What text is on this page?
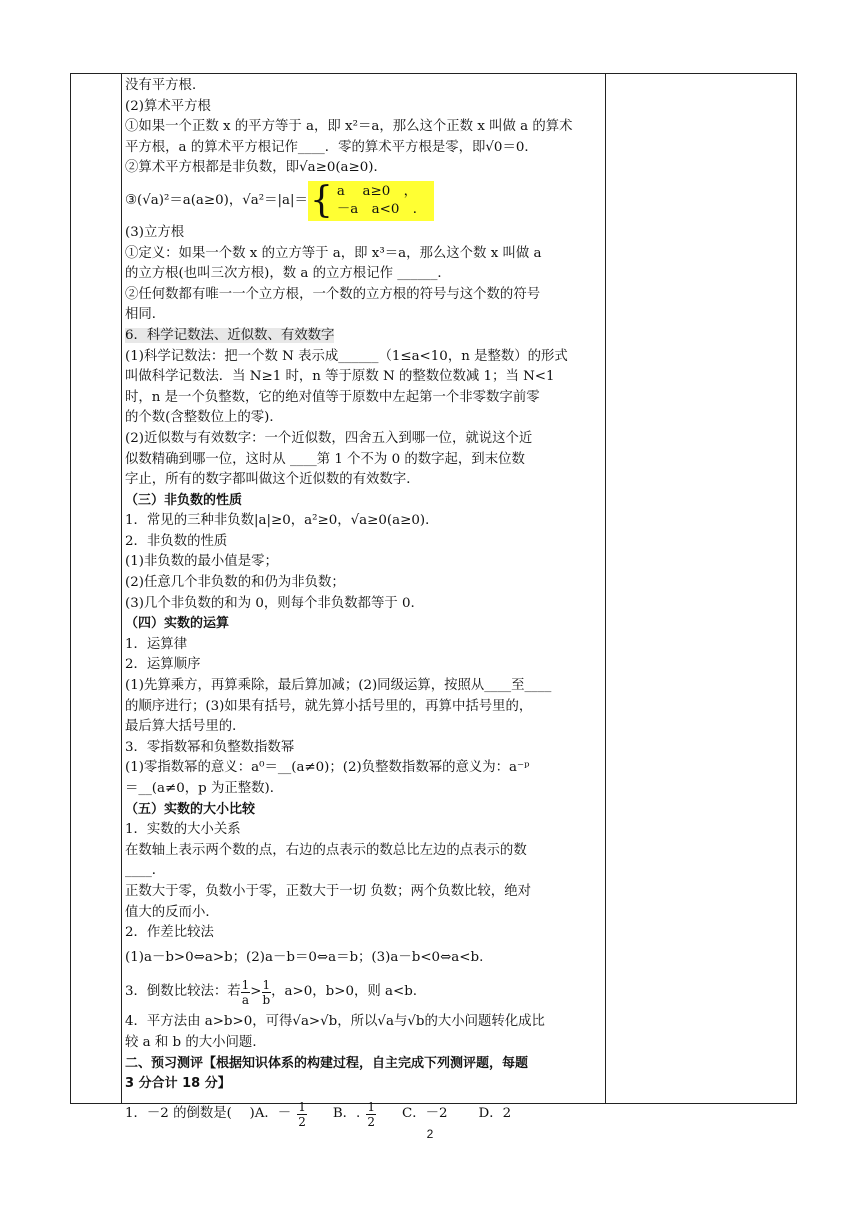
没有平方根．

(2)算术平方根

①如果一个正数 x 的平方等于 a，即 x²＝a，那么这个正数 x 叫做 a 的算术

平方根，a 的算术平方根记作____．零的算术平方根是零，即√0＝0．

②算术平方根都是非负数，即√a≥0(a≥0)．

③(√a)²＝a(a≥0)，√a²＝|a|＝ { a　 a≥0　，
－a　a<0　．

(3)立方根

①定义：如果一个数 x 的立方等于 a，即 x³＝a，那么这个数 x 叫做 a

的立方根(也叫三次方根)，数 a 的立方根记作 ______．

②任何数都有唯一一个立方根，一个数的立方根的符号与这个数的符号

相同．

6．科学记数法、近似数、有效数字

(1)科学记数法：把一个数 N 表示成______（1≤a<10，n 是整数）的形式

叫做科学记数法．当 N≥1 时，n 等于原数 N 的整数位数减 1；当 N<1

时，n 是一个负整数，它的绝对值等于原数中左起第一个非零数字前零

的个数(含整数位上的零)．

(2)近似数与有效数字：一个近似数，四舍五入到哪一位，就说这个近

似数精确到哪一位，这时从 ____第 1 个不为 0 的数字起，到末位数

字止，所有的数字都叫做这个近似数的有效数字．

（三）非负数的性质

1．常见的三种非负数|a|≥0，a²≥0，√a≥0(a≥0)．

2．非负数的性质

(1)非负数的最小值是零；

(2)任意几个非负数的和仍为非负数；

(3)几个非负数的和为 0，则每个非负数都等于 0.

（四）实数的运算

1．运算律

2．运算顺序

(1)先算乘方，再算乘除，最后算加减；(2)同级运算，按照从____至____

的顺序进行；(3)如果有括号，就先算小括号里的，再算中括号里的，

最后算大括号里的．

3．零指数幂和负整数指数幂

(1)零指数幂的意义：a⁰＝__(a≠0)；(2)负整数指数幂的意义为：a⁻ᵖ

＝__(a≠0，p 为正整数)．

（五）实数的大小比较

1．实数的大小关系

在数轴上表示两个数的点，右边的点表示的数总比左边的点表示的数

____．

正数大于零，负数小于零，正数大于一切 负数；两个负数比较，绝对

值大的反而小．

2．作差比较法

(1)a－b>0⇔a>b；(2)a－b＝0⇔a＝b；(3)a－b<0⇔a<b.

3．倒数比较法：若 $\frac{1}{a} > \frac{1}{b}$ ，a>0，b>0，则 a<b.

4．平方法由 a>b>0，可得√a>√b，所以√a与√b的大小问题转化成比

较 a 和 b 的大小问题．

二、预习测评【根据知识体系的构建过程，自主完成下列测评题，每题

3 分合计 18 分】

1．－2 的倒数是(　 )A．－ $\frac{1}{2}$ B．. $\frac{1}{2}$ C．－2　　 D．2

2
